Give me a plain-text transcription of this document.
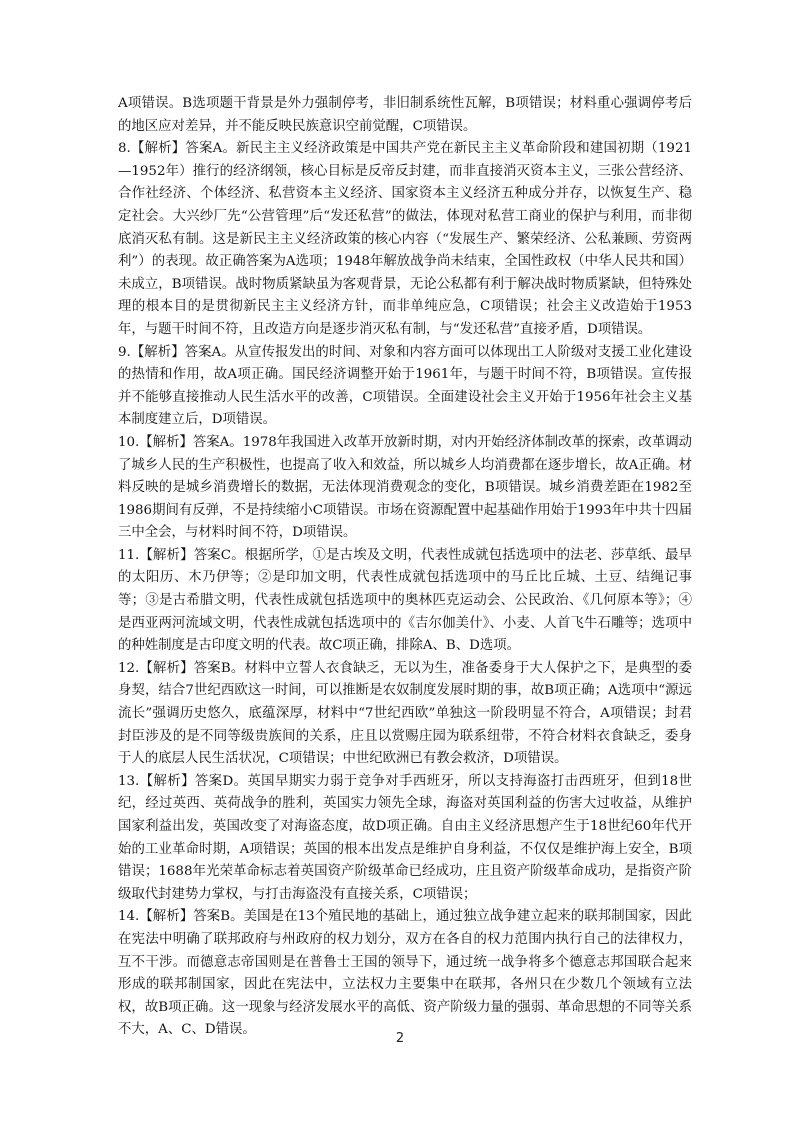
A项错误。B选项题干背景是外力强制停考，非旧制系统性瓦解，B项错误；材料重心强调停考后的地区应对差异，并不能反映民族意识空前觉醒，C项错误。

8.【解析】答案A。新民主主义经济政策是中国共产党在新民主主义革命阶段和建国初期（1921—1952年）推行的经济纲领，核心目标是反帝反封建，而非直接消灭资本主义，三张公营经济、合作社经济、个体经济、私营资本主义经济、国家资本主义经济五种成分并存，以恢复生产、稳定社会。大兴纱厂先“公营管理”后“发还私营”的做法，体现对私营工商业的保护与利用，而非彻底消灭私有制。这是新民主主义经济政策的核心内容（“发展生产、繁荣经济、公私兼顾、劳资两利”）的表现。故正确答案为A选项；1948年解放战争尚未结束，全国性政权（中华人民共和国）未成立，B项错误。战时物质紧缺虽为客观背景，无论公私都有利于解决战时物质紧缺，但特殊处理的根本目的是贯彻新民主主义经济方针，而非单纯应急，C项错误；社会主义改造始于1953年，与题干时间不符，且改造方向是逐步消灭私有制，与“发还私营”直接矛盾，D项错误。

9.【解析】答案A。从宣传报发出的时间、对象和内容方面可以体现出工人阶级对支援工业化建设的热情和作用，故A项正确。国民经济调整开始于1961年，与题干时间不符，B项错误。宣传报并不能够直接推动人民生活水平的改善，C项错误。全面建设社会主义开始于1956年社会主义基本制度建立后，D项错误。

10.【解析】答案A。1978年我国进入改革开放新时期，对内开始经济体制改革的探索，改革调动了城乡人民的生产积极性，也提高了收入和效益，所以城乡人均消费都在逐步增长，故A正确。材料反映的是城乡消费增长的数据，无法体现消费观念的变化，B项错误。城乡消费差距在1982至1986期间有反弹，不是持续缩小C项错误。市场在资源配置中起基础作用始于1993年中共十四届三中全会，与材料时间不符，D项错误。

11.【解析】答案C。根据所学，①是古埃及文明，代表性成就包括选项中的法老、莎草纸、最早的太阳历、木乃伊等；②是印加文明，代表性成就包括选项中的马丘比丘城、土豆、结绳记事等；③是古希腊文明，代表性成就包括选项中的奥林匹克运动会、公民政治、《几何原本等》；④是西亚两河流域文明，代表性成就包括选项中的《吉尔伽美什》、小麦、人首飞牛石雕等；选项中的种姓制度是古印度文明的代表。故C项正确，排除A、B、D选项。

12.【解析】答案B。材料中立誓人衣食缺乏，无以为生，准备委身于大人保护之下，是典型的委身契，结合7世纪西欧这一时间，可以推断是农奴制度发展时期的事，故B项正确；A选项中“源远流长”强调历史悠久，底蕴深厚，材料中“7世纪西欧”单独这一阶段明显不符合，A项错误；封君封臣涉及的是不同等级贵族间的关系，庄且以赏赐庄园为联系纽带，不符合材料衣食缺乏，委身于人的底层人民生活状况，C项错误；中世纪欧洲已有教会救济，D项错误。

13.【解析】答案D。英国早期实力弱于竞争对手西班牙，所以支持海盗打击西班牙，但到18世纪，经过英西、英荷战争的胜利，英国实力领先全球，海盗对英国利益的伤害大过收益，从维护国家利益出发，英国改变了对海盗态度，故D项正确。自由主义经济思想产生于18世纪60年代开始的工业革命时期，A项错误；英国的根本出发点是维护自身利益，不仅仅是维护海上安全，B项错误；1688年光荣革命标志着英国资产阶级革命已经成功，庄且资产阶级革命成功，是指资产阶级取代封建势力掌权，与打击海盗没有直接关系，C项错误；

14.【解析】答案B。美国是在13个殖民地的基础上，通过独立战争建立起来的联邦制国家，因此在宪法中明确了联邦政府与州政府的权力划分，双方在各自的权力范围内执行自己的法律权力，互不干涉。而德意志帝国则是在普鲁士王国的领导下，通过统一战争将多个德意志邦国联合起来形成的联邦制国家，因此在宪法中，立法权力主要集中在联邦，各州只在少数几个领域有立法权，故B项正确。这一现象与经济发展水平的高低、资产阶级力量的强弱、革命思想的不同等关系不大，A、C、D错误。

2
